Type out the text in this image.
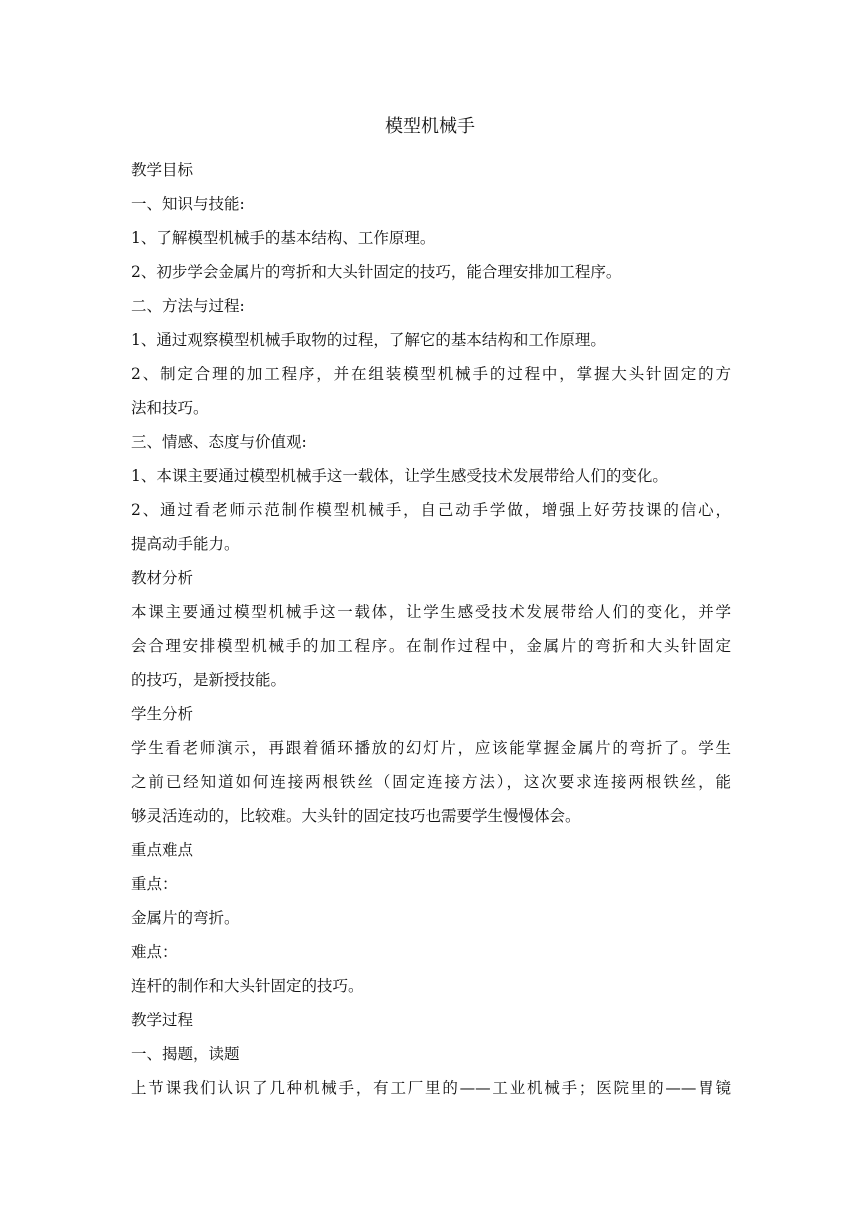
模型机械手

教学目标

一、知识与技能:

1、了解模型机械手的基本结构、工作原理。

2、初步学会金属片的弯折和大头针固定的技巧，能合理安排加工程序。

二、方法与过程:

1、通过观察模型机械手取物的过程，了解它的基本结构和工作原理。

2、制定合理的加工程序，并在组装模型机械手的过程中，掌握大头针固定的方

法和技巧。

三、情感、态度与价值观:

1、本课主要通过模型机械手这一载体，让学生感受技术发展带给人们的变化。

2、通过看老师示范制作模型机械手，自己动手学做，增强上好劳技课的信心，

提高动手能力。

教材分析

本课主要通过模型机械手这一载体，让学生感受技术发展带给人们的变化，并学

会合理安排模型机械手的加工程序。在制作过程中，金属片的弯折和大头针固定

的技巧，是新授技能。

学生分析

学生看老师演示，再跟着循环播放的幻灯片，应该能掌握金属片的弯折了。学生

之前已经知道如何连接两根铁丝（固定连接方法），这次要求连接两根铁丝，能

够灵活连动的，比较难。大头针的固定技巧也需要学生慢慢体会。

重点难点

重点：

金属片的弯折。

难点：

连杆的制作和大头针固定的技巧。

教学过程

一、揭题，读题

上节课我们认识了几种机械手，有工厂里的——工业机械手；医院里的——胃镜
